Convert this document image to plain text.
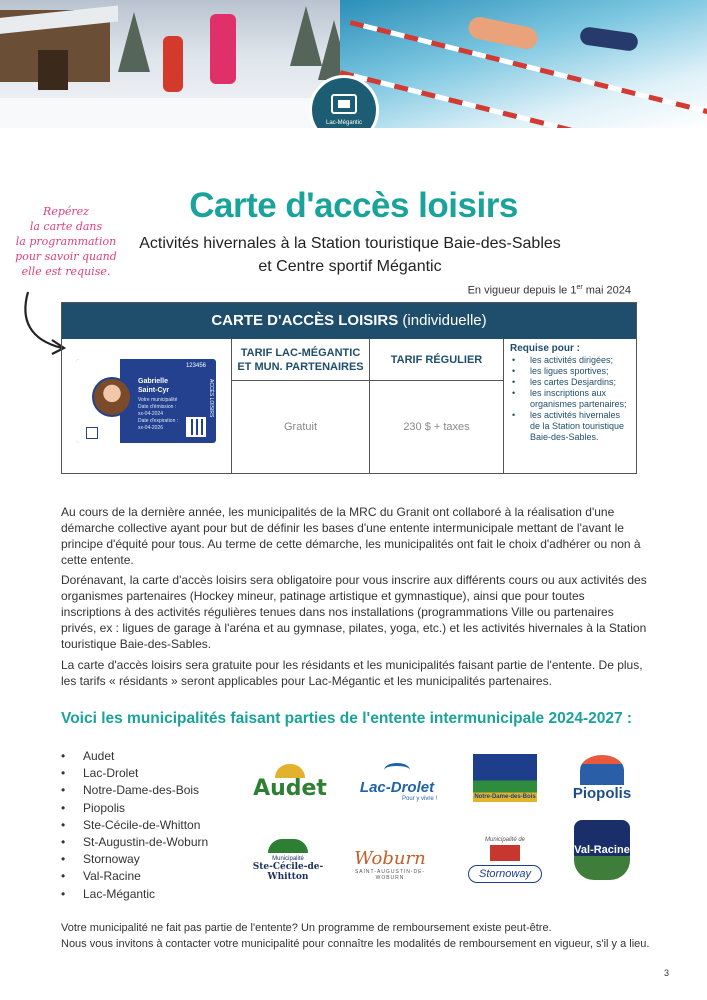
Lac-Mégantic
Repérez
la carte dans
la programmation
pour savoir quand
elle est requise.
Carte d'accès loisirs
Activités hivernales à la Station touristique Baie-des-Sables
et Centre sportif Mégantic
En vigueur depuis le 1er mai 2024
CARTE D'ACCÈS LOISIRS (individuelle)
123456
Gabrielle Saint-Cyr
Votre municipalité
Date d'émission : xx-04-2024
Date d'expiration : xx-04-2026
ACCÈS LOISIRS
TARIF LAC-MÉGANTIC ET MUN. PARTENAIRES
Gratuit
TARIF RÉGULIER
230 $ + taxes
Requise pour :
• les activités dirigées;
• les ligues sportives;
• les cartes Desjardins;
• les inscriptions aux organismes partenaires;
• les activités hivernales de la Station touristique Baie-des-Sables.
Au cours de la dernière année, les municipalités de la MRC du Granit ont collaboré à la réalisation d'une démarche collective ayant pour but de définir les bases d'une entente intermunicipale mettant de l'avant le principe d'équité pour tous. Au terme de cette démarche, les municipalités ont fait le choix d'adhérer ou non à cette entente.
Dorénavant, la carte d'accès loisirs sera obligatoire pour vous inscrire aux différents cours ou aux activités des organismes partenaires (Hockey mineur, patinage artistique et gymnastique), ainsi que pour toutes inscriptions à des activités régulières tenues dans nos installations (programmations Ville ou partenaires privés, ex : ligues de garage à l'aréna et au gymnase, pilates, yoga, etc.) et les activités hivernales à la Station touristique Baie-des-Sables.
La carte d'accès loisirs sera gratuite pour les résidants et les municipalités faisant partie de l'entente. De plus, les tarifs « résidants » seront applicables pour Lac-Mégantic et les municipalités partenaires.
Voici les municipalités faisant parties de l'entente intermunicipale 2024-2027 :
• Audet
• Lac-Drolet
• Notre-Dame-des-Bois
• Piopolis
• Ste-Cécile-de-Whitton
• St-Augustin-de-Woburn
• Stornoway
• Val-Racine
• Lac-Mégantic
Audet Lac-Drolet
Pour y vivre !	Notre-Dame-des-Bois Piopolis
Municipalité
Ste-Cécile-de-Whitton
Woburn
SAINT-AUGUSTIN-DE-WOBURN
Municipalité de
Stornoway
Val-Racine
Votre municipalité ne fait pas partie de l'entente? Un programme de remboursement existe peut-être.
Nous vous invitons à contacter votre municipalité pour connaître les modalités de remboursement en vigueur, s'il y a lieu.
3
